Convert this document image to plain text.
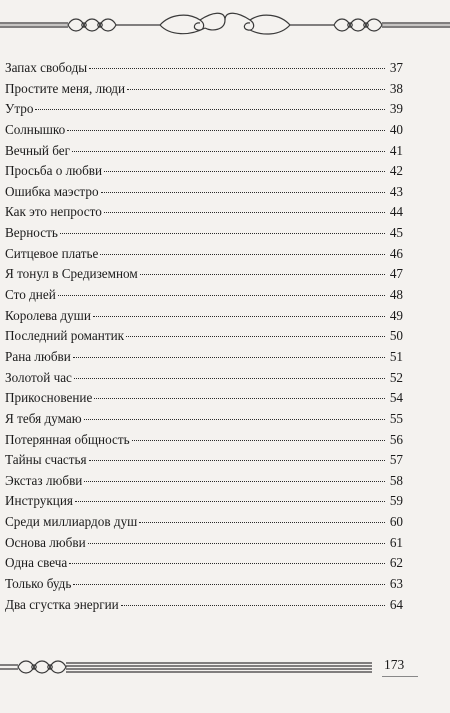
Запах свободы	37
Простите меня, люди	38
Утро	39
Солнышко	40
Вечный бег	41
Просьба о любви	42
Ошибка маэстро	43
Как это непросто	44
Верность	45
Ситцевое платье	46
Я тонул в Средиземном	47
Сто дней	48
Королева души	49
Последний романтик	50
Рана любви	51
Золотой час	52
Прикосновение	54
Я тебя думаю	55
Потерянная общность	56
Тайны счастья	57
Экстаз любви	58
Инструкция	59
Среди миллиардов душ	60
Основа любви	61
Одна свеча	62
Только будь	63
Два сгустка энергии	64
173
